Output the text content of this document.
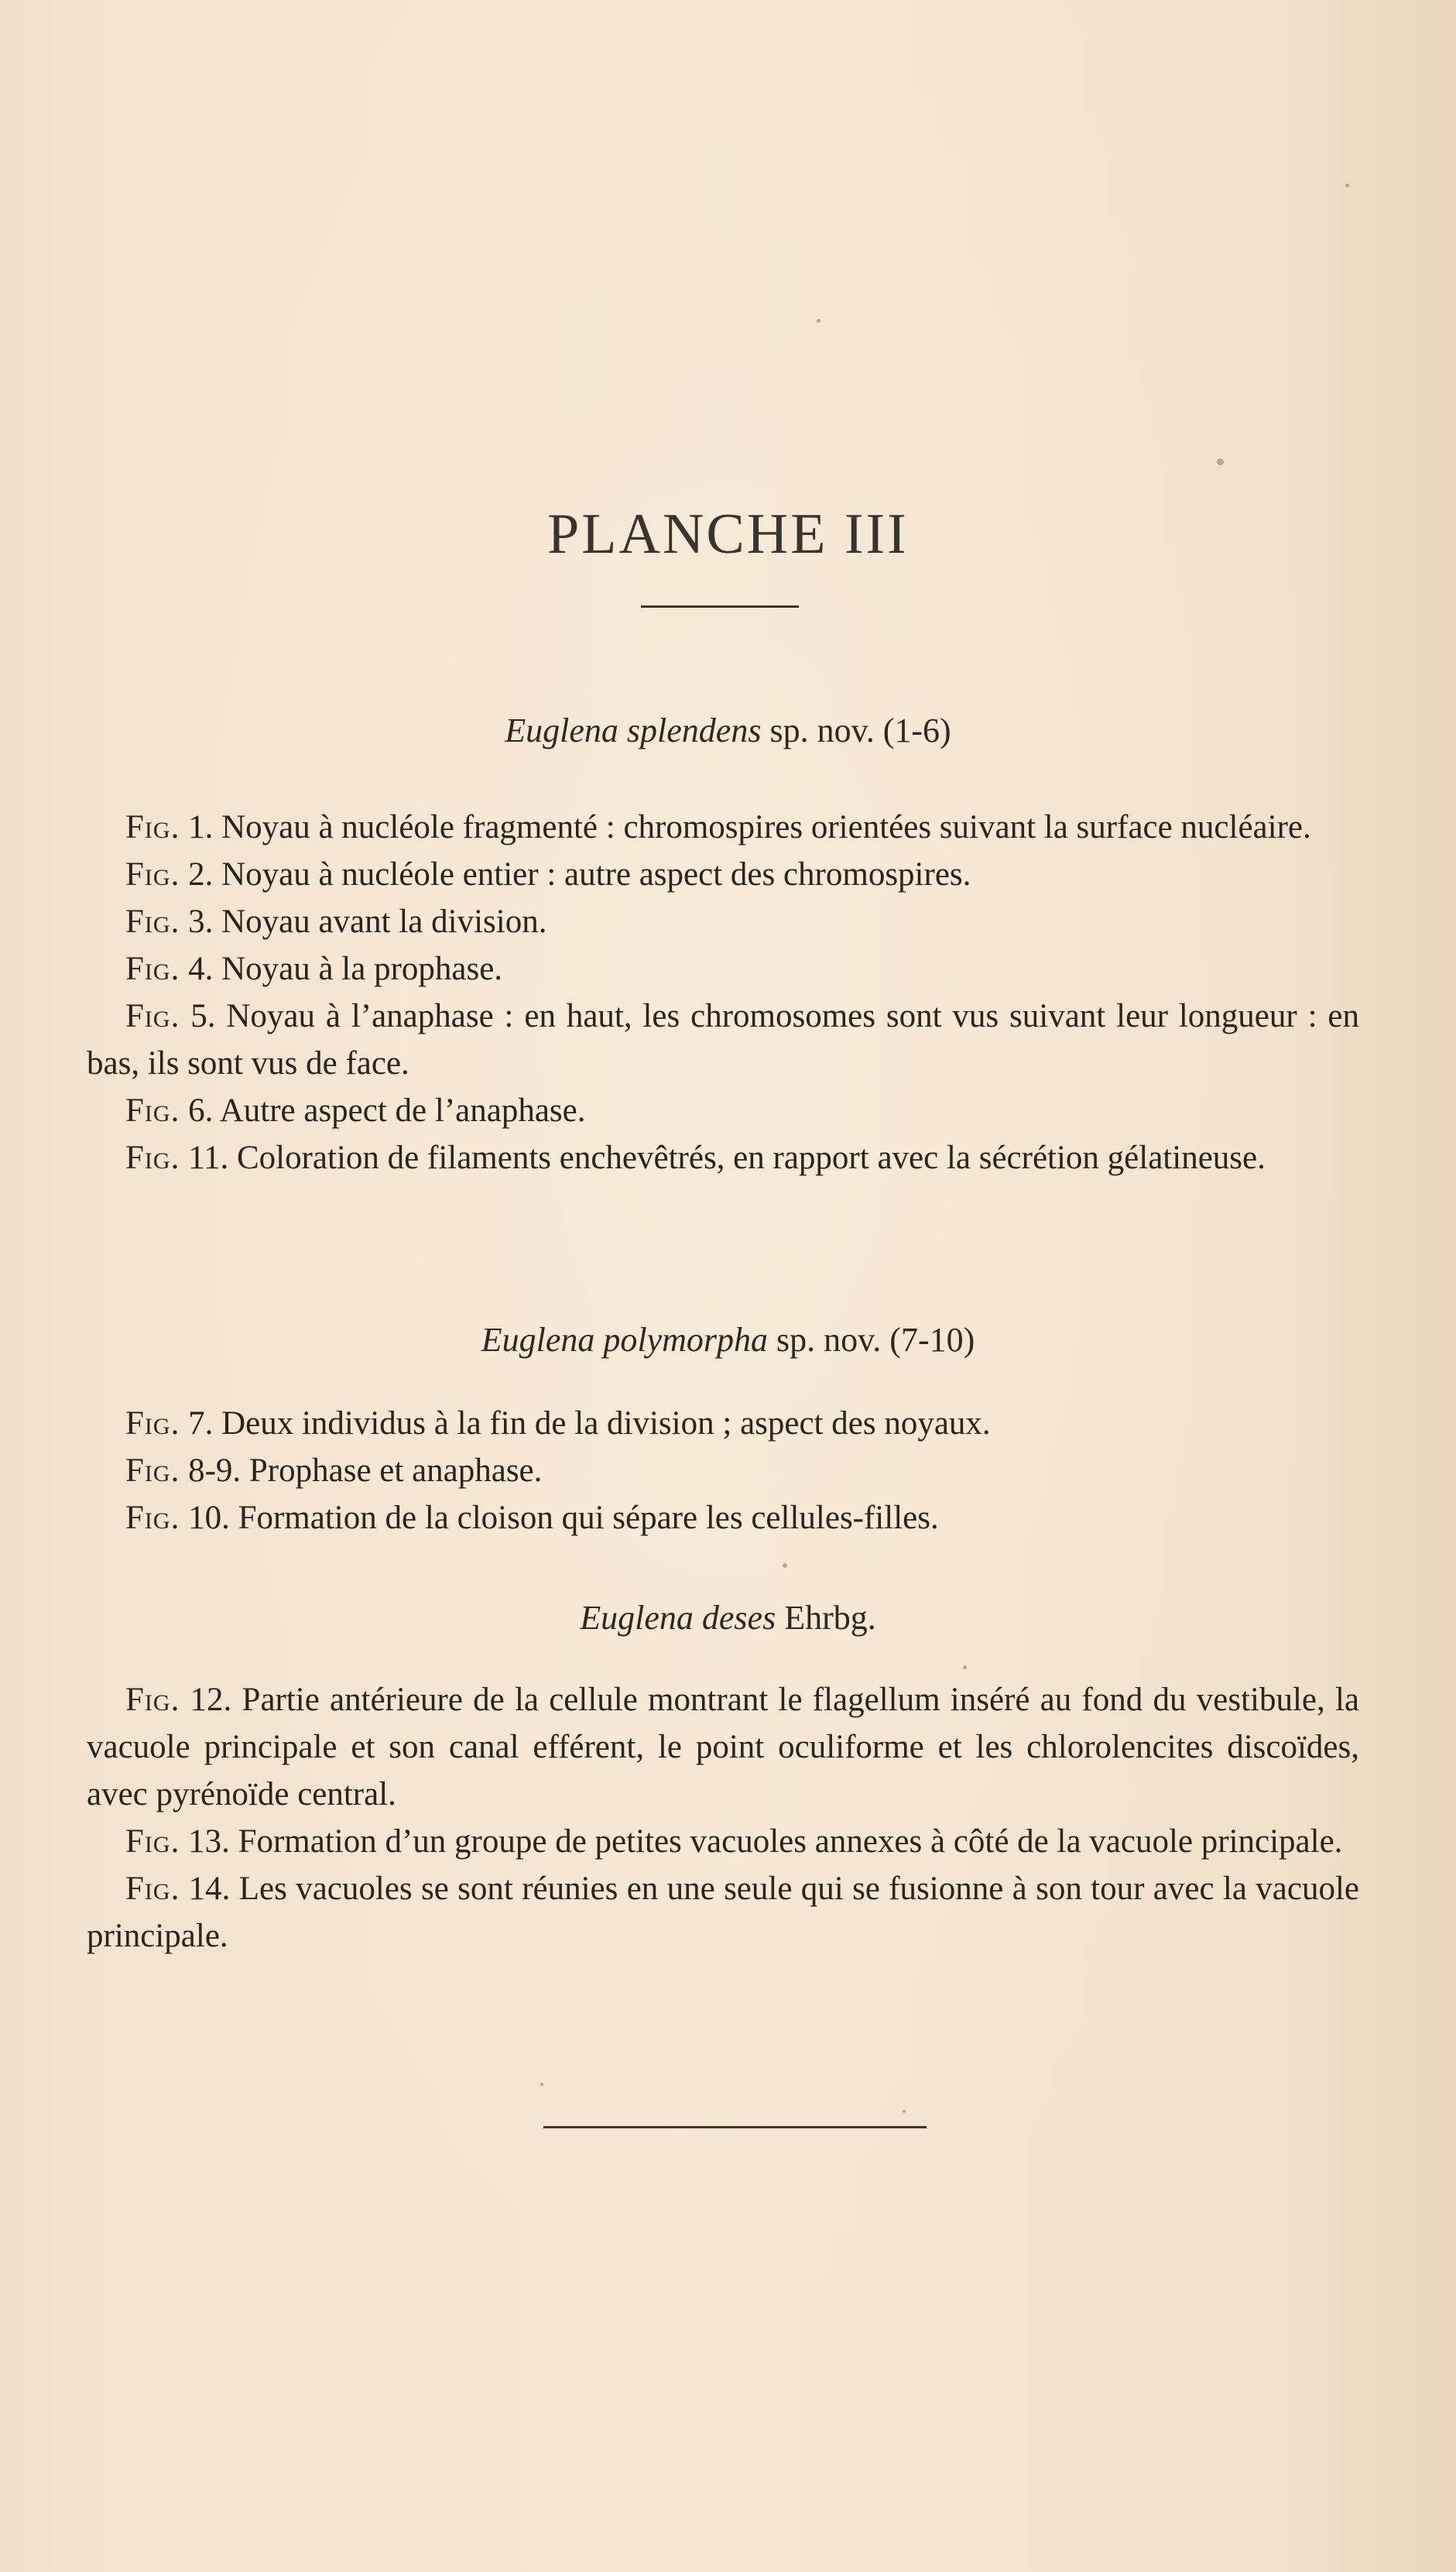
PLANCHE III
Euglena splendens sp. nov. (1-6)

Fig. 1. Noyau à nucléole fragmenté : chromospires orientées suivant la surface nucléaire.

Fig. 2. Noyau à nucléole entier : autre aspect des chromospires.

Fig. 3. Noyau avant la division.

Fig. 4. Noyau à la prophase.

Fig. 5. Noyau à l’anaphase : en haut, les chromosomes sont vus suivant leur longueur : en bas, ils sont vus de face.

Fig. 6. Autre aspect de l’anaphase.

Fig. 11. Coloration de filaments enchevêtrés, en rapport avec la sécrétion gélatineuse.

Euglena polymorpha sp. nov. (7-10)

Fig. 7. Deux individus à la fin de la division ; aspect des noyaux.

Fig. 8-9. Prophase et anaphase.

Fig. 10. Formation de la cloison qui sépare les cellules-filles.

Euglena deses Ehrbg.

Fig. 12. Partie antérieure de la cellule montrant le flagellum inséré au fond du vestibule, la vacuole principale et son canal efférent, le point oculiforme et les chlorolencites discoïdes, avec pyrénoïde central.

Fig. 13. Formation d’un groupe de petites vacuoles annexes à côté de la vacuole principale.

Fig. 14. Les vacuoles se sont réunies en une seule qui se fusionne à son tour avec la vacuole principale.
